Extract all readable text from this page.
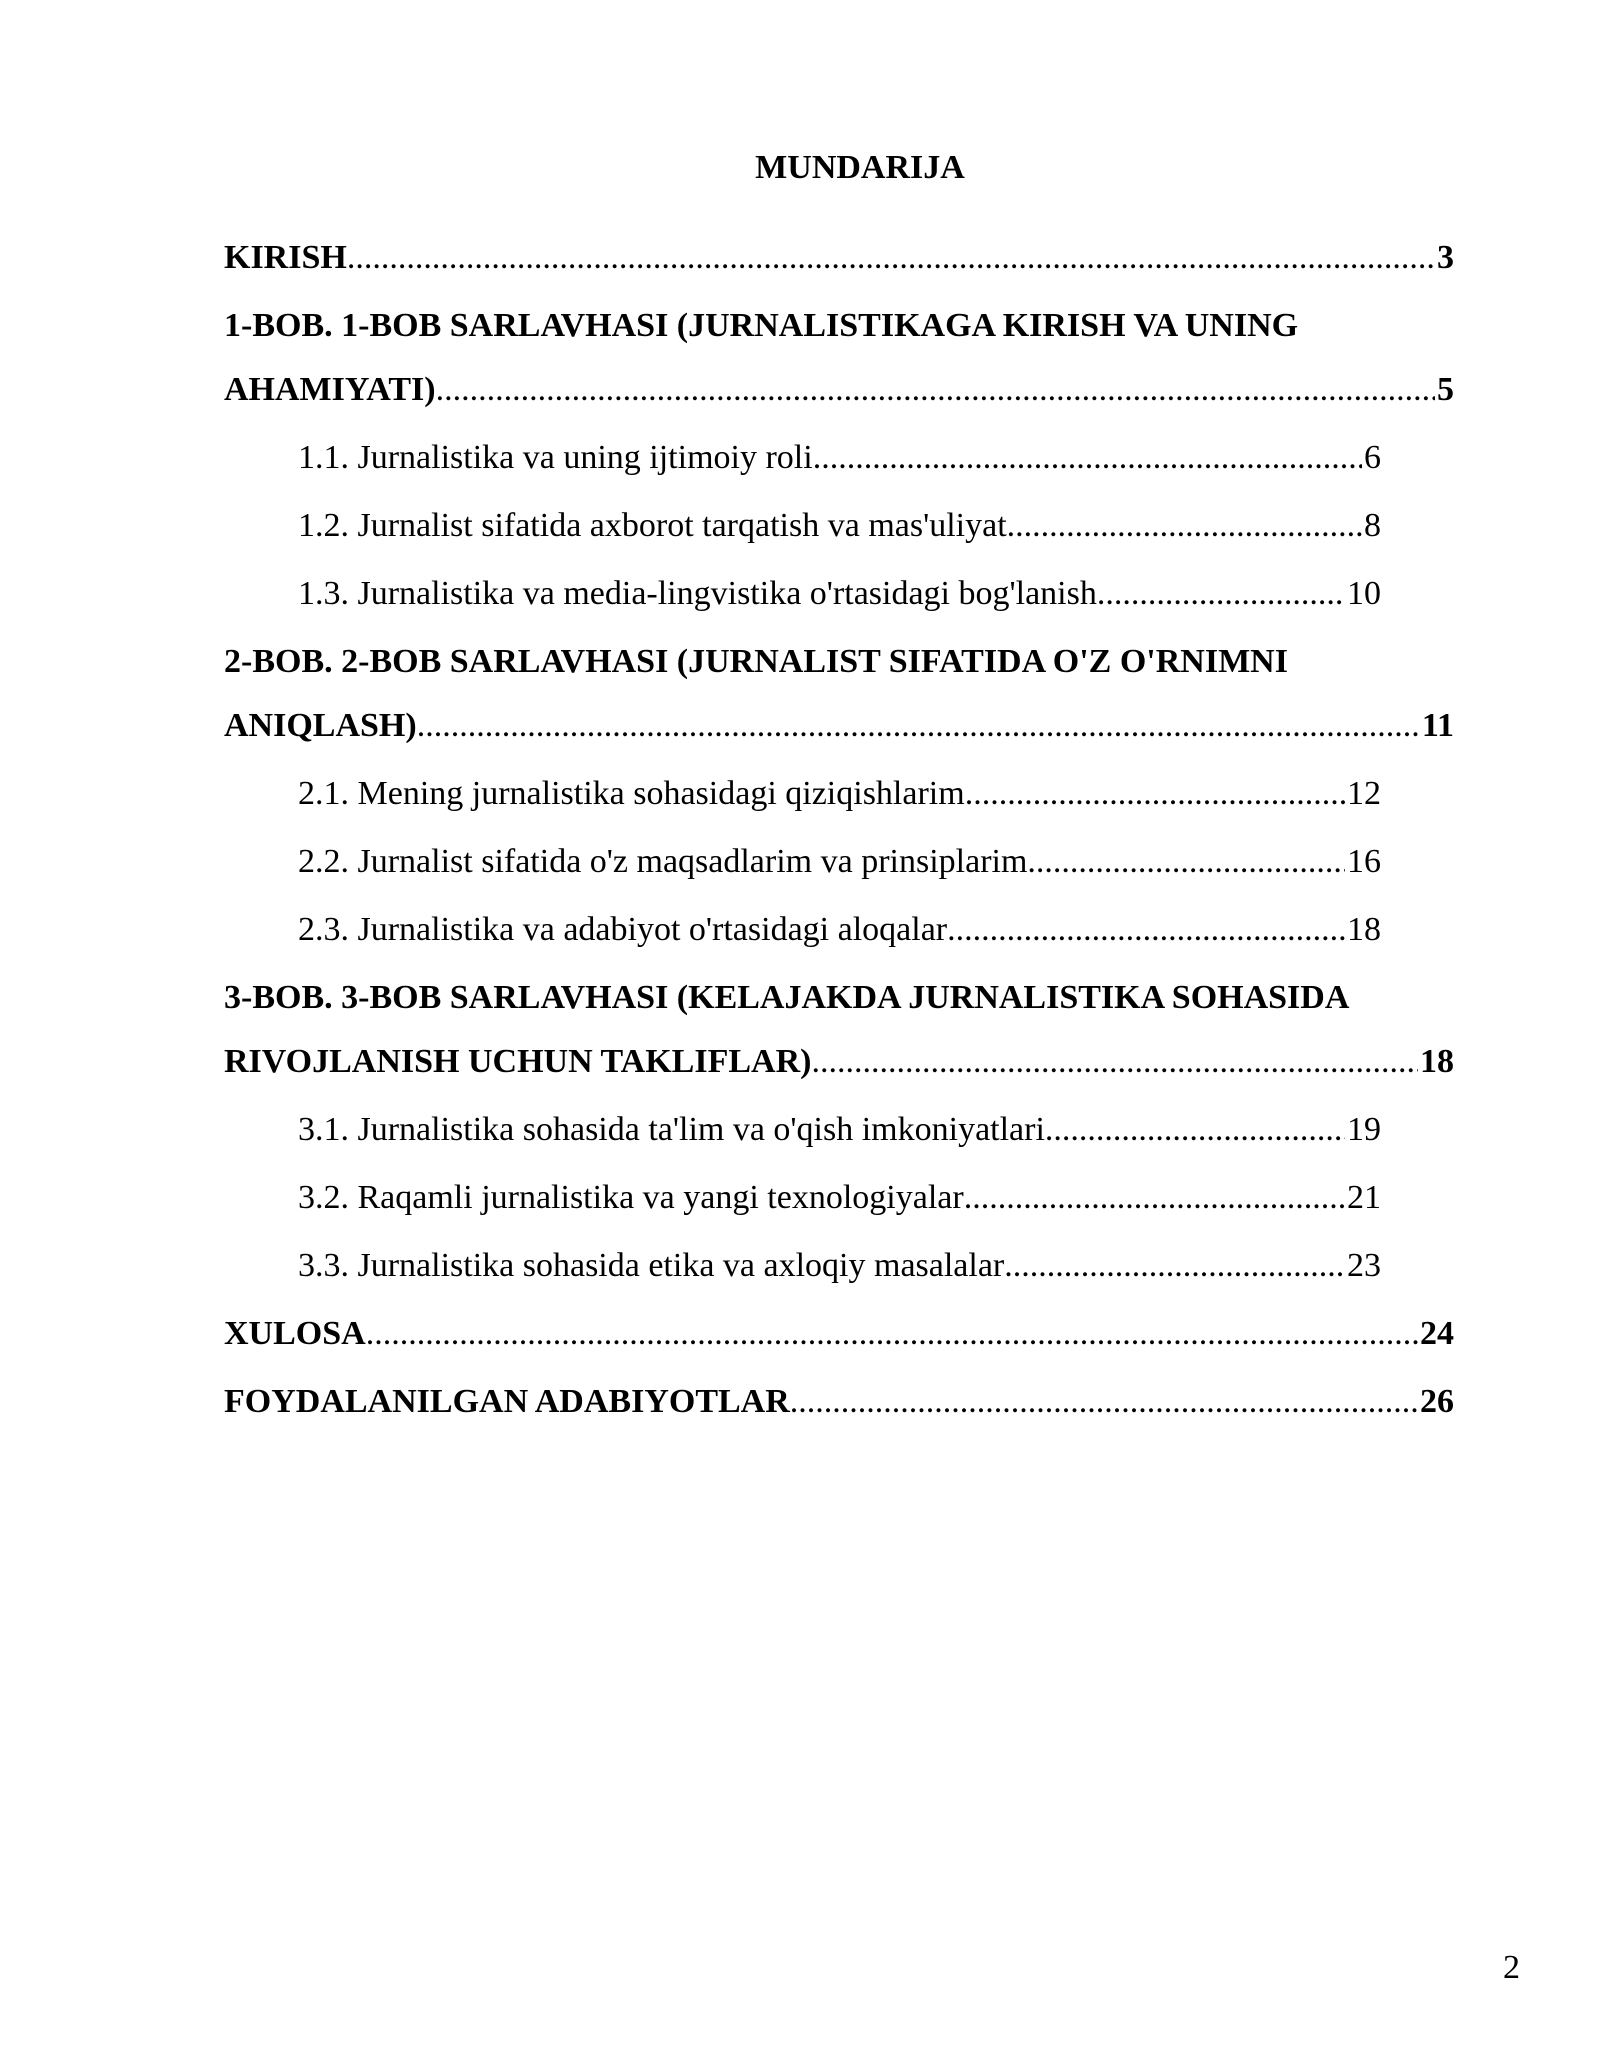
MUNDARIJA
KIRISH .....	3
1-BOB. 1-BOB SARLAVHASI (JURNALISTIKAGA KIRISH VA UNING
AHAMIYATI) .....	5
1.1. Jurnalistika va uning ijtimoiy roli .....	6
1.2. Jurnalist sifatida axborot tarqatish va mas'uliyat .....	8
1.3. Jurnalistika va media-lingvistika o'rtasidagi bog'lanish .....	10
2-BOB. 2-BOB SARLAVHASI (JURNALIST SIFATIDA O'Z O'RNIMNI
ANIQLASH) .....	11
2.1. Mening jurnalistika sohasidagi qiziqishlarim .....	12
2.2. Jurnalist sifatida o'z maqsadlarim va prinsiplarim .....	16
2.3. Jurnalistika va adabiyot o'rtasidagi aloqalar .....	18
3-BOB. 3-BOB SARLAVHASI (KELAJAKDA JURNALISTIKA SOHASIDA
RIVOJLANISH UCHUN TAKLIFLAR) .....	18
3.1. Jurnalistika sohasida ta'lim va o'qish imkoniyatlari .....	19
3.2. Raqamli jurnalistika va yangi texnologiyalar .....	21
3.3. Jurnalistika sohasida etika va axloqiy masalalar .....	23
XULOSA .....	24
FOYDALANILGAN ADABIYOTLAR .....	26
2
